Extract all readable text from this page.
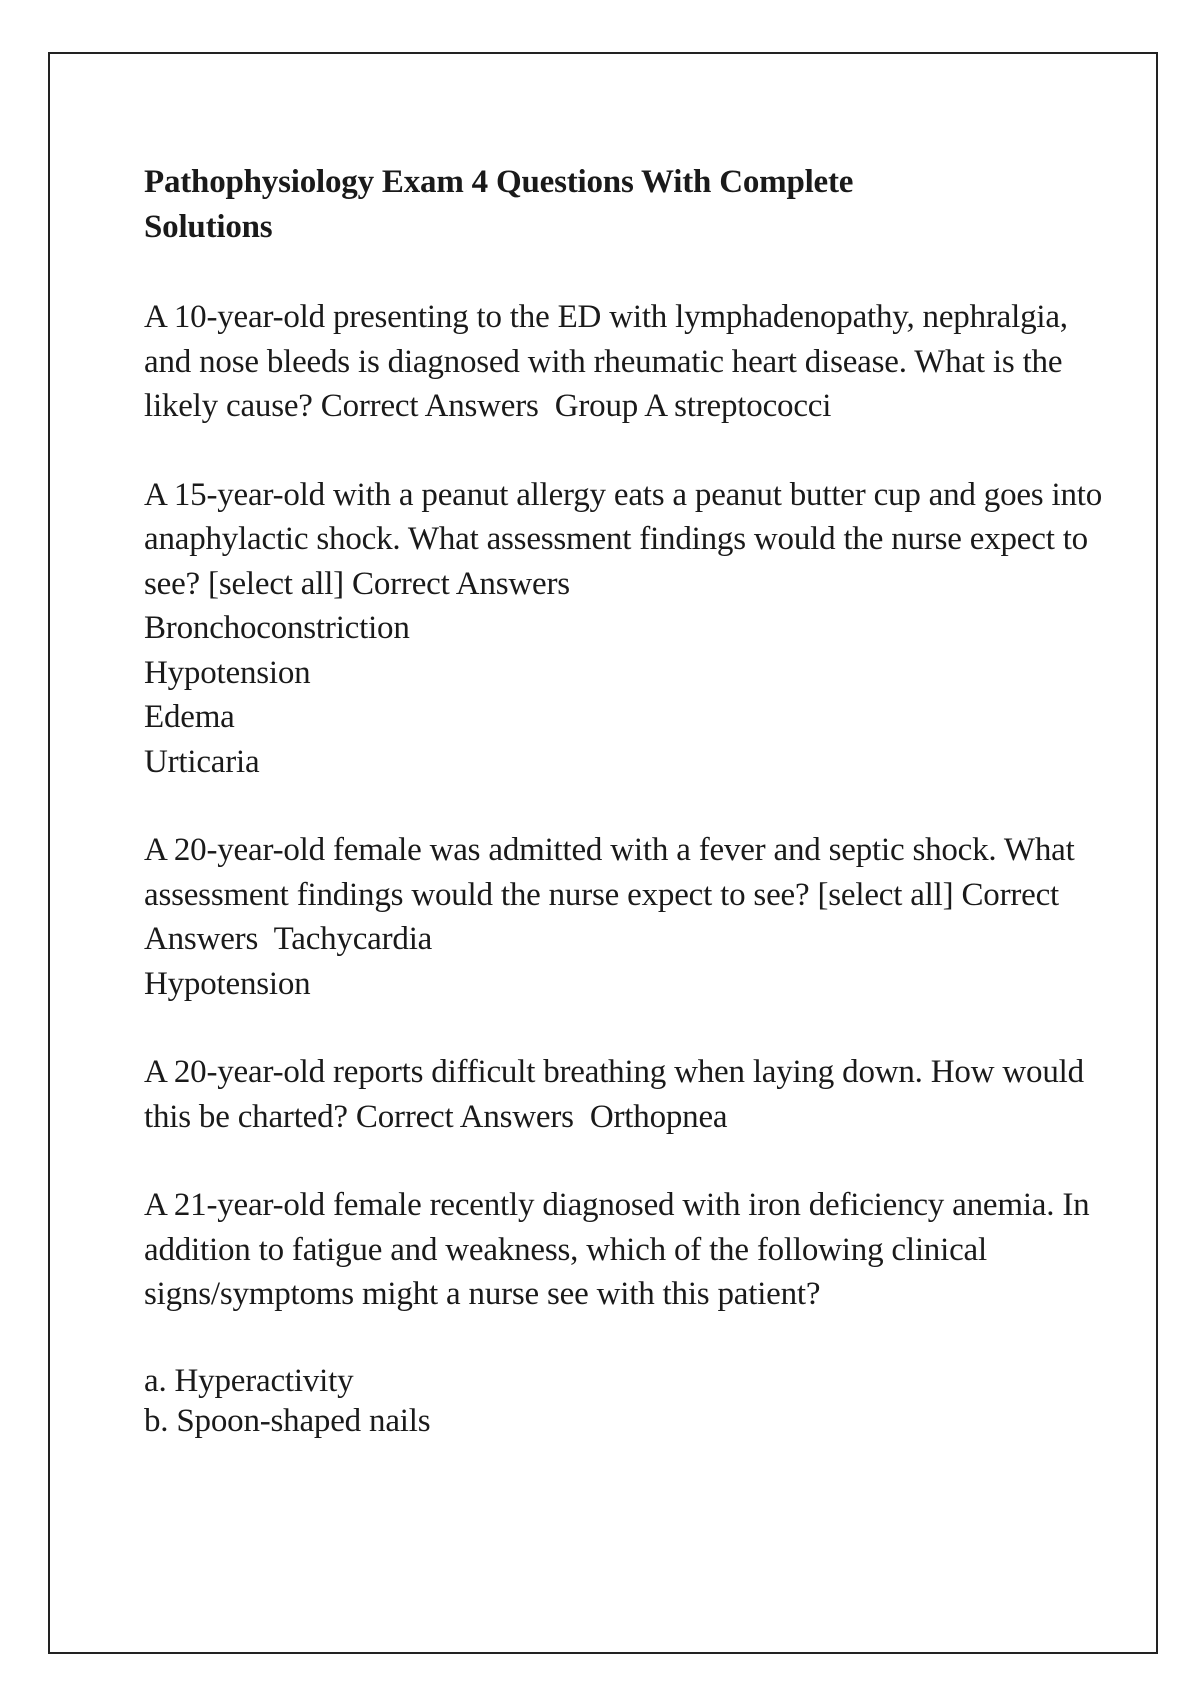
Pathophysiology Exam 4 Questions With Complete Solutions
A 10-year-old presenting to the ED with lymphadenopathy, nephralgia, and nose bleeds is diagnosed with rheumatic heart disease. What is the likely cause? Correct Answers  Group A streptococci
A 15-year-old with a peanut allergy eats a peanut butter cup and goes into anaphylactic shock. What assessment findings would the nurse expect to see? [select all] Correct Answers
Bronchoconstriction
Hypotension
Edema
Urticaria
A 20-year-old female was admitted with a fever and septic shock. What assessment findings would the nurse expect to see? [select all] Correct Answers  Tachycardia
Hypotension
A 20-year-old reports difficult breathing when laying down. How would this be charted? Correct Answers  Orthopnea
A 21-year-old female recently diagnosed with iron deficiency anemia. In addition to fatigue and weakness, which of the following clinical signs/symptoms might a nurse see with this patient?
a. Hyperactivity
b. Spoon-shaped nails
